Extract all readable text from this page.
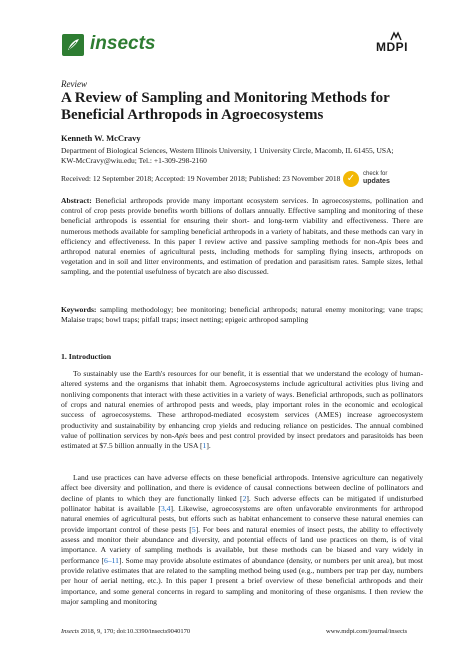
insects	MDPI
Review
A Review of Sampling and Monitoring Methods for Beneficial Arthropods in Agroecosystems
Kenneth W. McCravy
Department of Biological Sciences, Western Illinois University, 1 University Circle, Macomb, IL 61455, USA;
KW-McCravy@wiu.edu; Tel.: +1-309-298-2160
Received: 12 September 2018; Accepted: 19 November 2018; Published: 23 November 2018 ✓	check for
updates
Abstract: Beneficial arthropods provide many important ecosystem services. In agroecosystems, pollination and control of crop pests provide benefits worth billions of dollars annually. Effective sampling and monitoring of these beneficial arthropods is essential for ensuring their short- and long-term viability and effectiveness. There are numerous methods available for sampling beneficial arthropods in a variety of habitats, and these methods can vary in efficiency and effectiveness. In this paper I review active and passive sampling methods for non-Apis bees and arthropod natural enemies of agricultural pests, including methods for sampling flying insects, arthropods on vegetation and in soil and litter environments, and estimation of predation and parasitism rates. Sample sizes, lethal sampling, and the potential usefulness of bycatch are also discussed.
Keywords: sampling methodology; bee monitoring; beneficial arthropods; natural enemy monitoring; vane traps; Malaise traps; bowl traps; pitfall traps; insect netting; epigeic arthropod sampling
1. Introduction
To sustainably use the Earth's resources for our benefit, it is essential that we understand the ecology of human-altered systems and the organisms that inhabit them. Agroecosystems include agricultural activities plus living and nonliving components that interact with these activities in a variety of ways. Beneficial arthropods, such as pollinators of crops and natural enemies of arthropod pests and weeds, play important roles in the economic and ecological success of agroecosystems. These arthropod-mediated ecosystem services (AMES) increase agroecosystem productivity and sustainability by enhancing crop yields and reducing reliance on pesticides. The annual combined value of pollination services by non-Apis bees and pest control provided by insect predators and parasitoids has been estimated at $7.5 billion annually in the USA [1].
Land use practices can have adverse effects on these beneficial arthropods. Intensive agriculture can negatively affect bee diversity and pollination, and there is evidence of causal connections between decline of pollinators and decline of plants to which they are functionally linked [2]. Such adverse effects can be mitigated if undisturbed pollinator habitat is available [3,4]. Likewise, agroecosystems are often unfavorable environments for arthropod natural enemies of agricultural pests, but efforts such as habitat enhancement to conserve these natural enemies can provide important control of these pests [5]. For bees and natural enemies of insect pests, the ability to effectively assess and monitor their abundance and diversity, and potential effects of land use practices on them, is of vital importance. A variety of sampling methods is available, but these methods can be biased and vary widely in performance [6–11]. Some may provide absolute estimates of abundance (density, or numbers per unit area), but most provide relative estimates that are related to the sampling method being used (e.g., numbers per trap per day, numbers per hour of aerial netting, etc.). In this paper I present a brief overview of these beneficial arthropods and their importance, and some general concerns in regard to sampling and monitoring of these organisms. I then review the major sampling and monitoring
Insects 2018, 9, 170; doi:10.3390/insects9040170	www.mdpi.com/journal/insects
